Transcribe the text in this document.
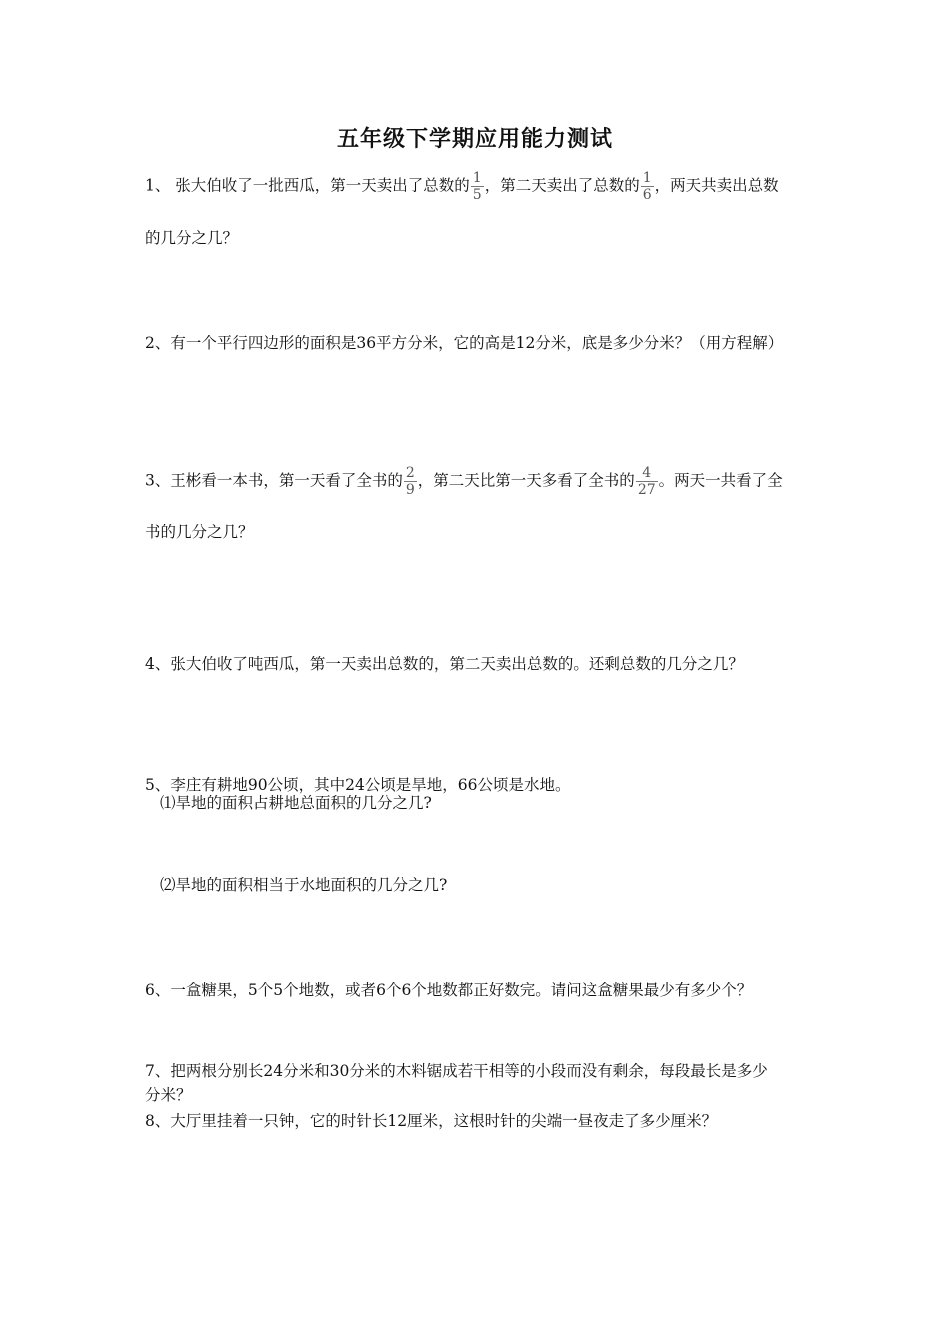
五年级下学期应用能力测试
1、 张大伯收了一批西瓜，第一天卖出了总数的 $\frac{1}{5}$ ，第二天卖出了总数的 $\frac{1}{6}$ ，两天共卖出总数
的几分之几？
2、有一个平行四边形的面积是36平方分米，它的高是12分米，底是多少分米？（用方程解）
3、王彬看一本书，第一天看了全书的 $\frac{2}{9}$ ，第二天比第一天多看了全书的 $\frac{4}{27}$ 。两天一共看了全
书的几分之几？
4、张大伯收了吨西瓜，第一天卖出总数的，第二天卖出总数的。还剩总数的几分之几？
5、李庄有耕地90公顷，其中24公顷是旱地，66公顷是水地。
⑴旱地的面积占耕地总面积的几分之几?
⑵旱地的面积相当于水地面积的几分之几?
6、一盒糖果，5个5个地数，或者6个6个地数都正好数完。请问这盒糖果最少有多少个？
7、把两根分别长24分米和30分米的木料锯成若干相等的小段而没有剩余，每段最长是多少
分米？
8、大厅里挂着一只钟，它的时针长12厘米，这根时针的尖端一昼夜走了多少厘米？
